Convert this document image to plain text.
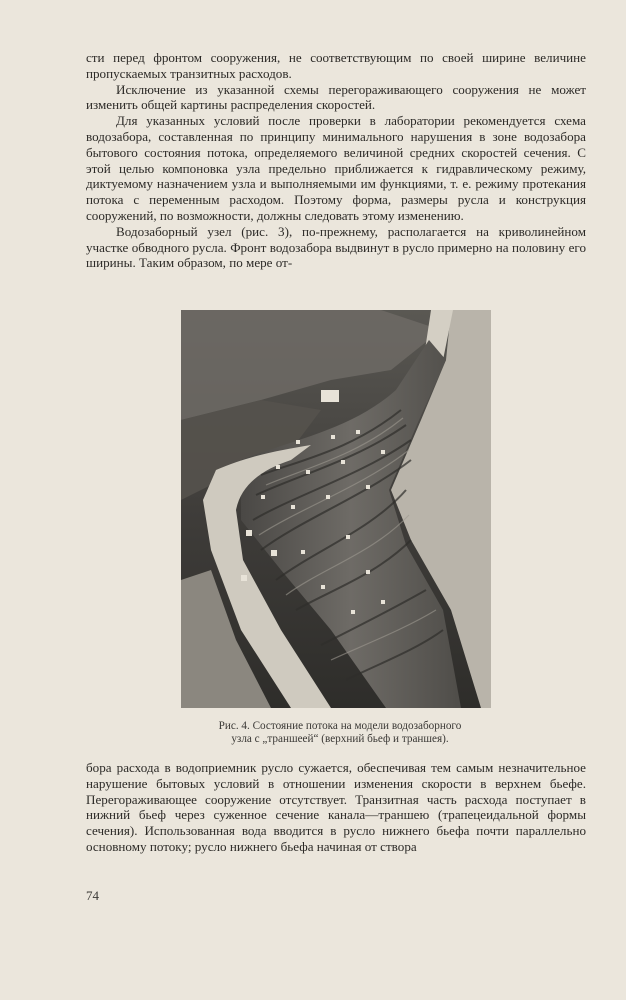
сти перед фронтом сооружения, не соответствующим по своей ширине величине пропускаемых транзитных расходов.

Исключение из указанной схемы перегораживающего сооружения не может изменить общей картины распределения скоростей.

Для указанных условий после проверки в лаборатории рекомендуется схема водозабора, составленная по принципу минимального нарушения в зоне водозабора бытового состояния потока, определяемого величиной средних скоростей сечения. С этой целью компоновка узла предельно приближается к гидравлическому режиму, диктуемому назначением узла и выполняемыми им функциями, т. е. режиму протекания потока с переменным расходом. Поэтому форма, размеры русла и конструкция сооружений, по возможности, должны следовать этому изменению.

Водозаборный узел (рис. 3), по-прежнему, располагается на криволинейном участке обводного русла. Фронт водозабора выдвинут в русло примерно на половину его ширины. Таким образом, по мере от-

Рис. 4. Состояние потока на модели водозаборного
узла с „траншеей“ (верхний бьеф и траншея).

бора расхода в водоприемник русло сужается, обеспечивая тем самым незначительное нарушение бытовых условий в отношении изменения скорости в верхнем бьефе. Перегораживающее сооружение отсутствует. Транзитная часть расхода поступает в нижний бьеф через суженное сечение канала—траншею (трапецеидальной формы сечения). Использованная вода вводится в русло нижнего бьефа почти параллельно основному потоку; русло нижнего бьефа начиная от створа

74
